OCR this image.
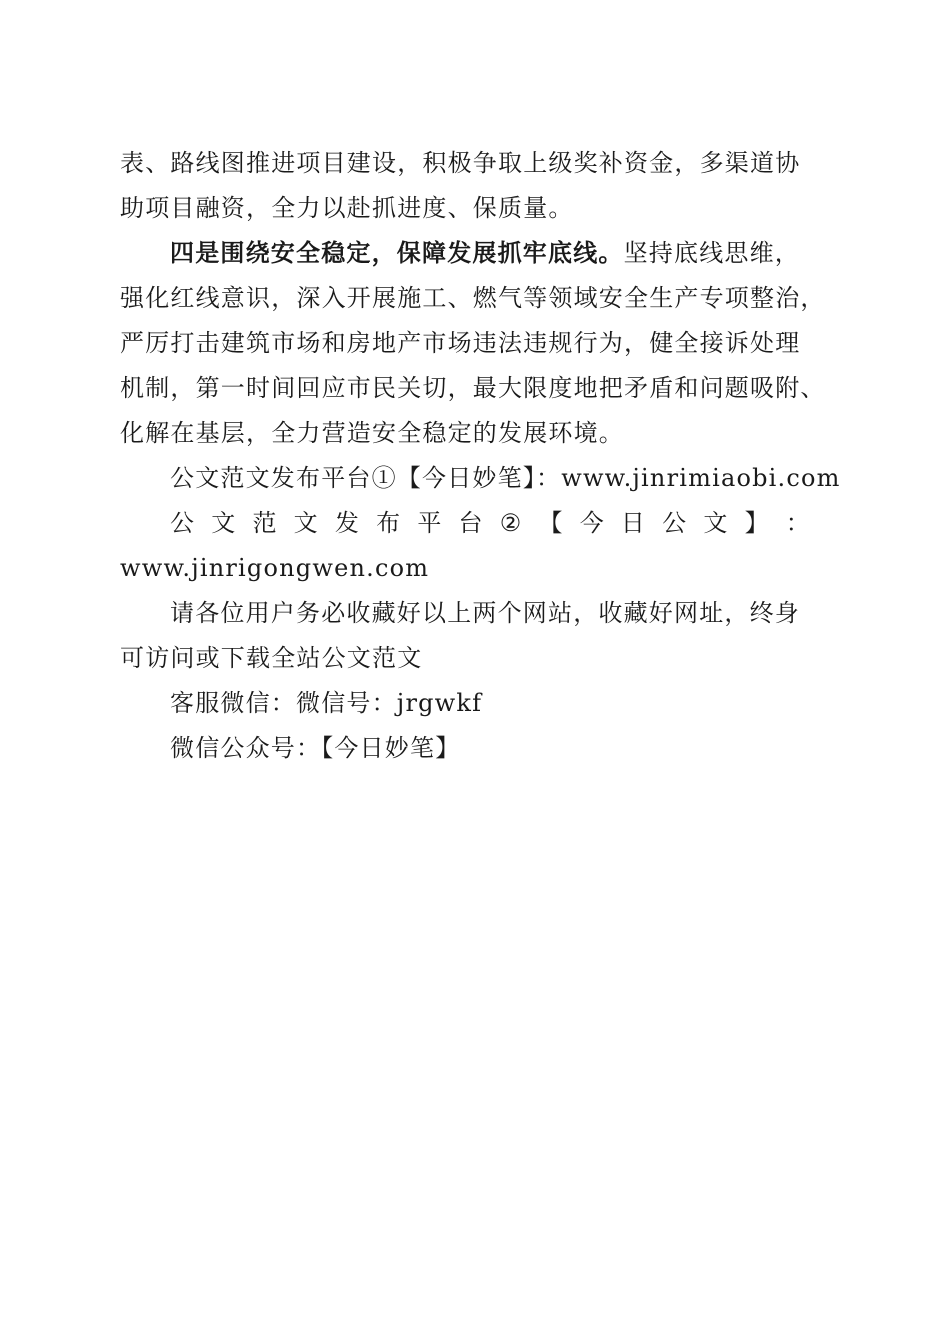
表、路线图推进项目建设，积极争取上级奖补资金，多渠道协
助项目融资，全力以赴抓进度、保质量。
四是围绕安全稳定，保障发展抓牢底线。坚持底线思维，
强化红线意识，深入开展施工、燃气等领域安全生产专项整治，
严厉打击建筑市场和房地产市场违法违规行为，健全接诉处理
机制，第一时间回应市民关切，最大限度地把矛盾和问题吸附、
化解在基层，全力营造安全稳定的发展环境。
公文范文发布平台①【今日妙笔】：www.jinrimiaobi.com
公 文 范 文 发 布 平 台 ② 【 今 日 公 文 】 ：
www.jinrigongwen.com
请各位用户务必收藏好以上两个网站，收藏好网址，终身
可访问或下载全站公文范文
客服微信：微信号：jrgwkf
微信公众号：【今日妙笔】
